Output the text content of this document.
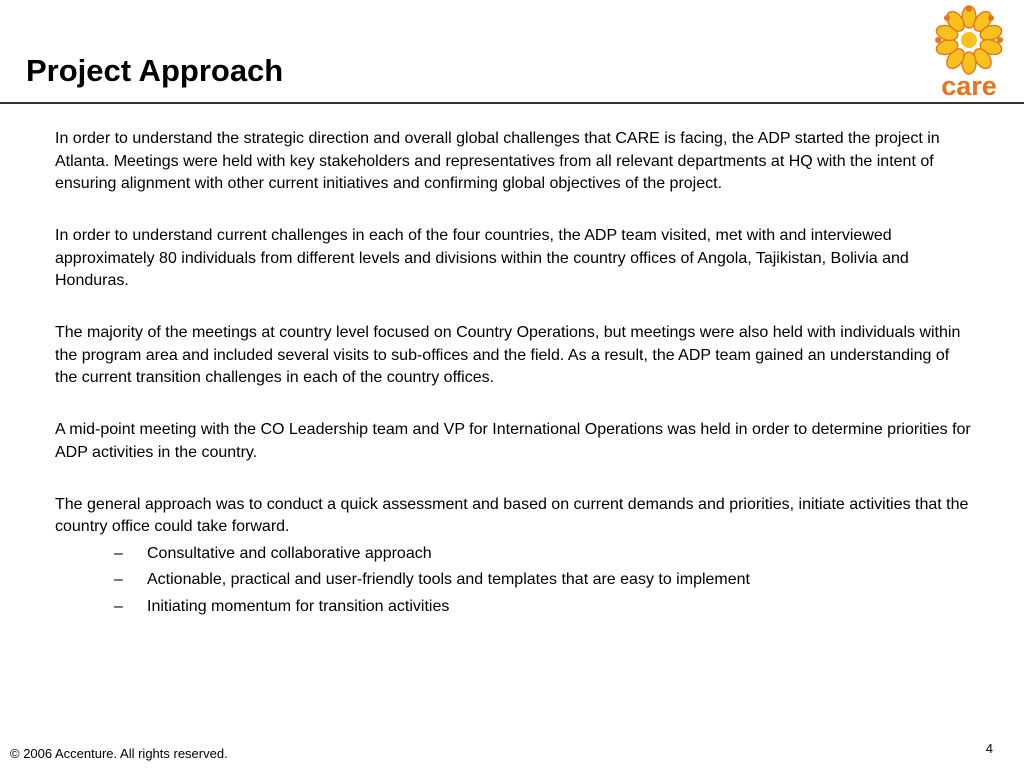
Project Approach	care

In order to understand the strategic direction and overall global challenges that CARE is facing, the ADP started the project in Atlanta. Meetings were held with key stakeholders and representatives from all relevant departments at HQ with the intent of ensuring alignment with other current initiatives and confirming global objectives of the project.

In order to understand current challenges in each of the four countries, the ADP team visited, met with and interviewed approximately 80 individuals from different levels and divisions within the country offices of Angola, Tajikistan, Bolivia and Honduras.

The majority of the meetings at country level focused on Country Operations, but meetings were also held with individuals within the program area and included several visits to sub-offices and the field. As a result, the ADP team gained an understanding of the current transition challenges in each of the country offices.

A mid-point meeting with the CO Leadership team and VP for International Operations was held in order to determine priorities for ADP activities in the country.

The general approach was to conduct a quick assessment and based on current demands and priorities, initiate activities that the country office could take forward.

– Consultative and collaborative approach
– Actionable, practical and user-friendly tools and templates that are easy to implement
– Initiating momentum for transition activities
© 2006 Accenture. All rights reserved.	4
